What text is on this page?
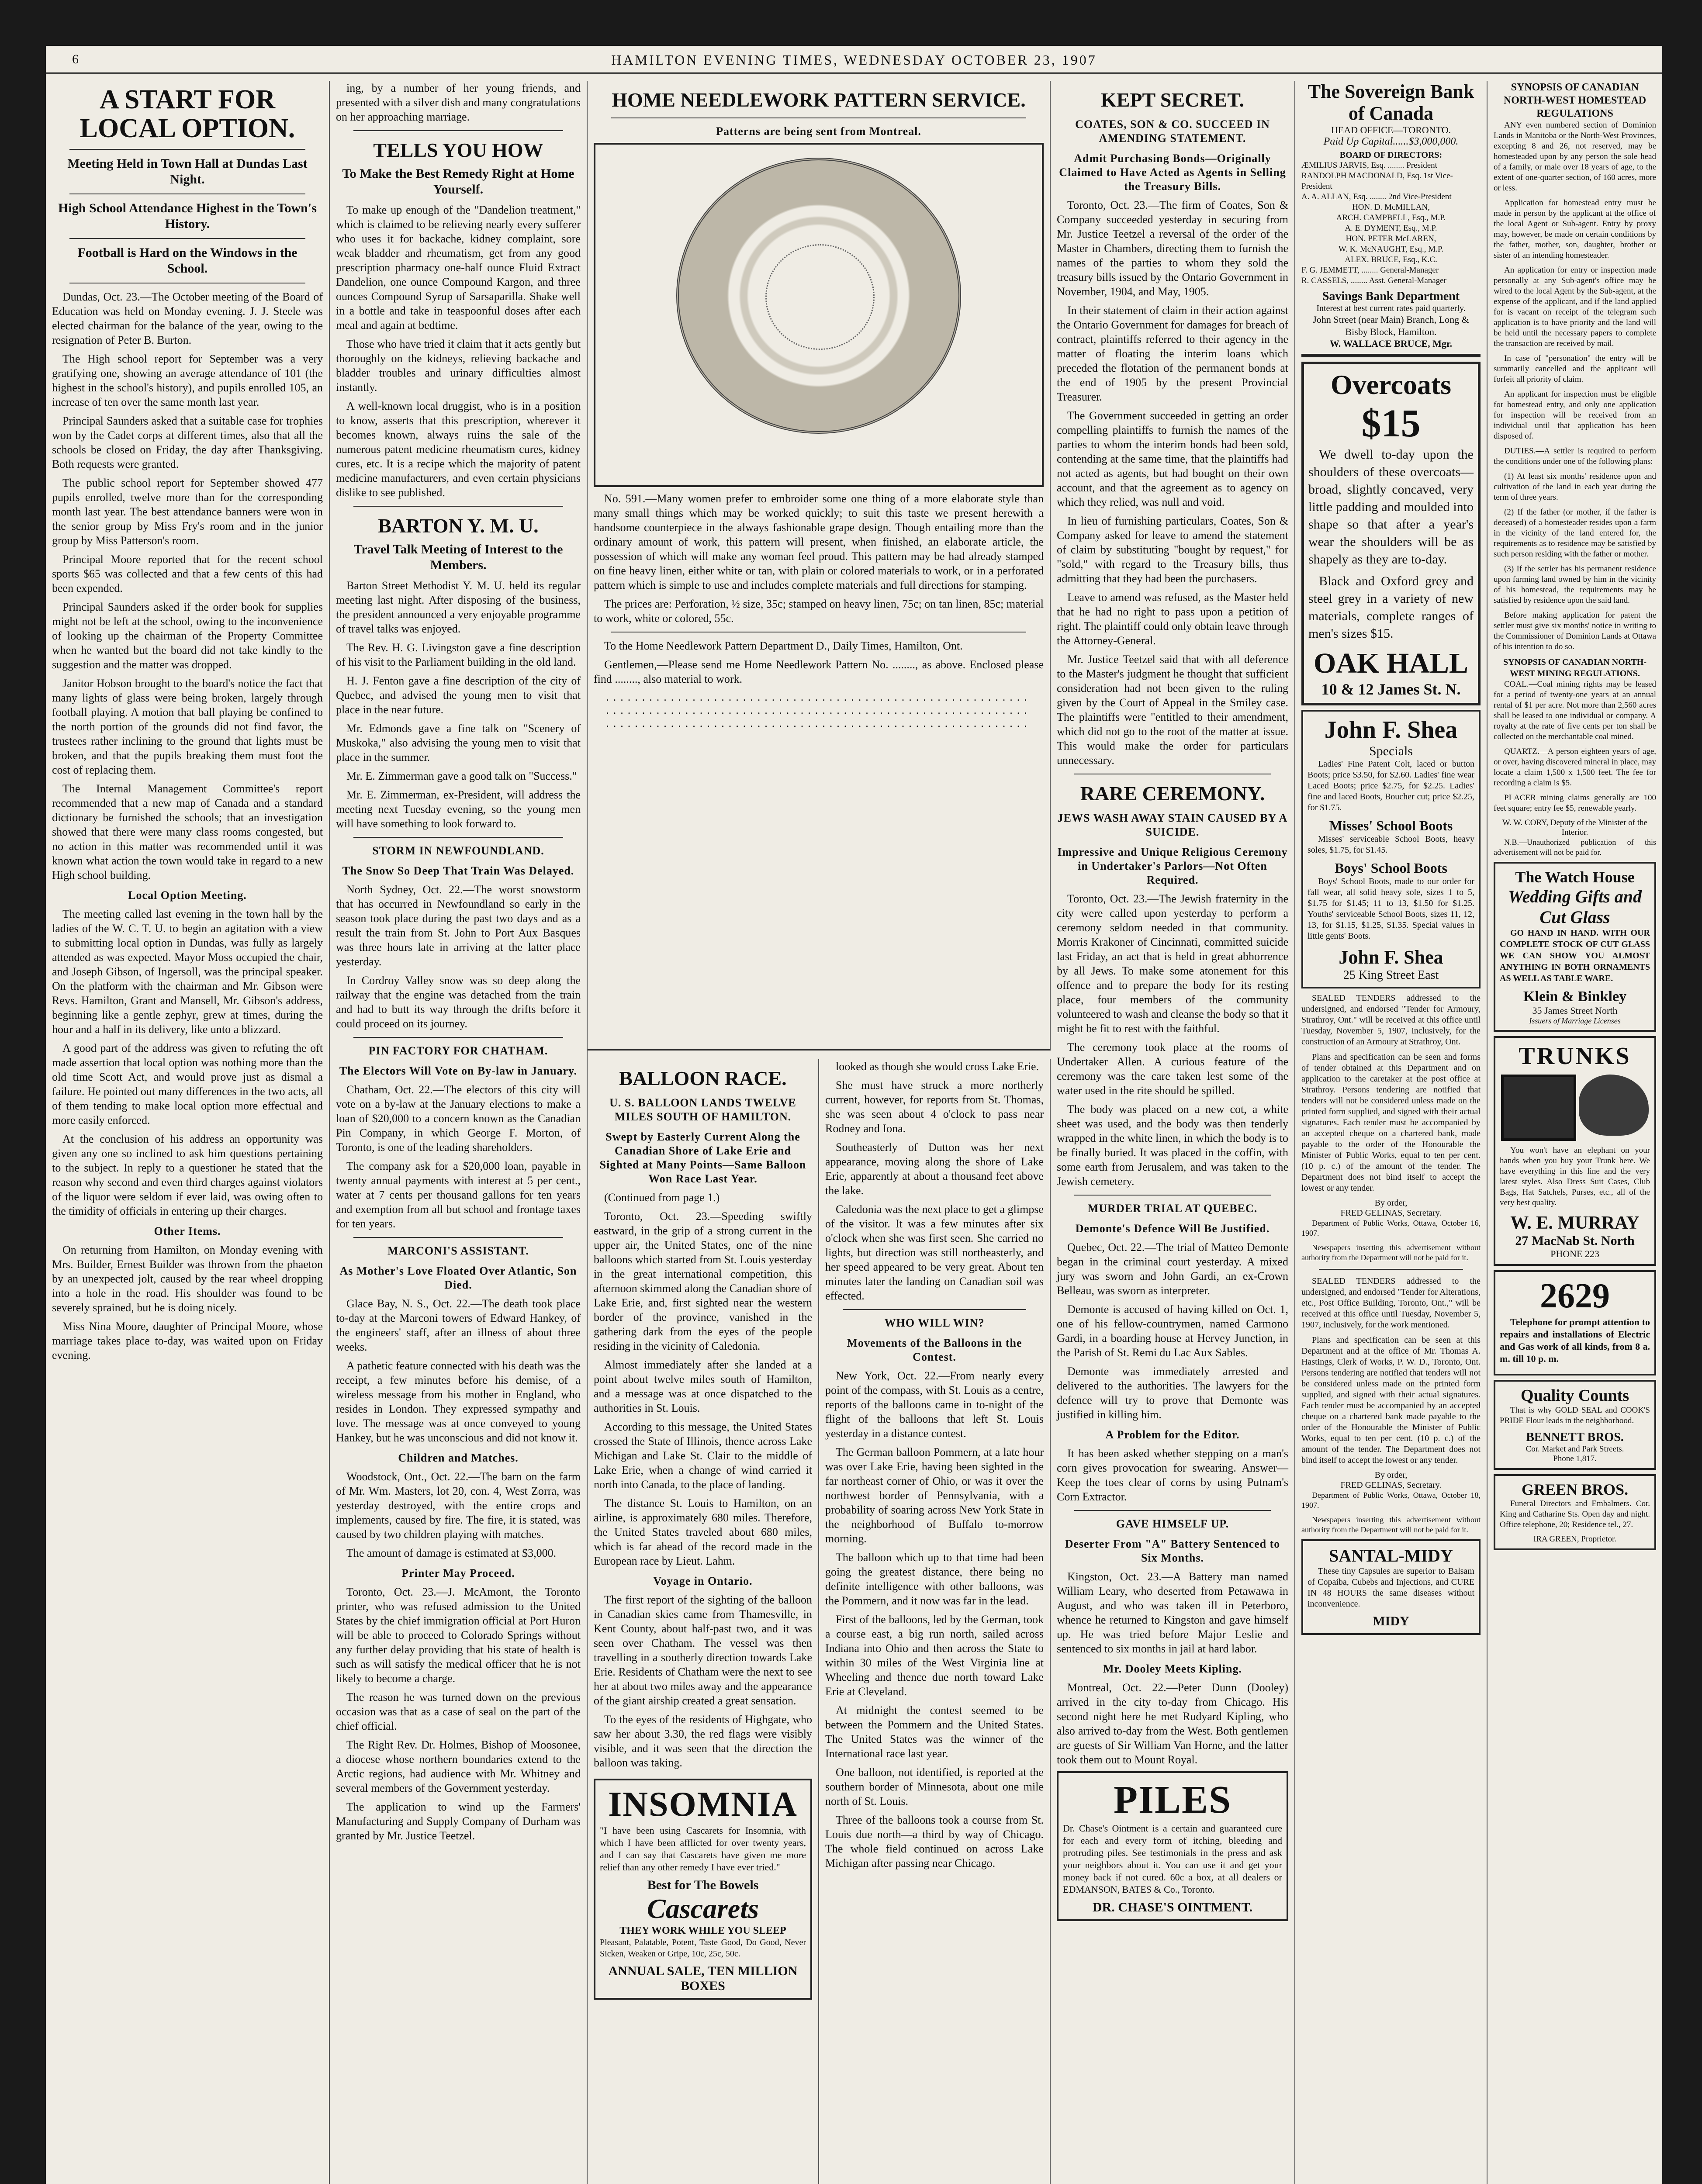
6	HAMILTON EVENING TIMES, WEDNESDAY OCTOBER 23, 1907
A START FOR LOCAL OPTION.
Meeting Held in Town Hall at Dundas Last Night.
High School Attendance Highest in the Town's History.
Football is Hard on the Windows in the School.

Dundas, Oct. 23.—The October meeting of the Board of Education was held on Monday evening. J. J. Steele was elected chairman for the balance of the year, owing to the resignation of Peter B. Burton.

The High school report for September was a very gratifying one, showing an average attendance of 101 (the highest in the school's history), and pupils enrolled 105, an increase of ten over the same month last year.

Principal Saunders asked that a suitable case for trophies won by the Cadet corps at different times, also that all the schools be closed on Friday, the day after Thanksgiving. Both requests were granted.

The public school report for September showed 477 pupils enrolled, twelve more than for the corresponding month last year. The best attendance banners were won in the senior group by Miss Fry's room and in the junior group by Miss Patterson's room.

Principal Moore reported that for the recent school sports $65 was collected and that a few cents of this had been expended.

Principal Saunders asked if the order book for supplies might not be left at the school, owing to the inconvenience of looking up the chairman of the Property Committee when he wanted but the board did not take kindly to the suggestion and the matter was dropped.

Janitor Hobson brought to the board's notice the fact that many lights of glass were being broken, largely through football playing. A motion that ball playing be confined to the north portion of the grounds did not find favor, the trustees rather inclining to the ground that lights must be broken, and that the pupils breaking them must foot the cost of replacing them.

The Internal Management Committee's report recommended that a new map of Canada and a standard dictionary be furnished the schools; that an investigation showed that there were many class rooms congested, but no action in this matter was recommended until it was known what action the town would take in regard to a new High school building.

Local Option Meeting.

The meeting called last evening in the town hall by the ladies of the W. C. T. U. to begin an agitation with a view to submitting local option in Dundas, was fully as largely attended as was expected. Mayor Moss occupied the chair, and Joseph Gibson, of Ingersoll, was the principal speaker. On the platform with the chairman and Mr. Gibson were Revs. Hamilton, Grant and Mansell, Mr. Gibson's address, beginning like a gentle zephyr, grew at times, during the hour and a half in its delivery, like unto a blizzard.

A good part of the address was given to refuting the oft made assertion that local option was nothing more than the old time Scott Act, and would prove just as dismal a failure. He pointed out many differences in the two acts, all of them tending to make local option more effectual and more easily enforced.

At the conclusion of his address an opportunity was given any one so inclined to ask him questions pertaining to the subject. In reply to a questioner he stated that the reason why second and even third charges against violators of the liquor were seldom if ever laid, was owing often to the timidity of officials in entering up their charges.

Other Items.

On returning from Hamilton, on Monday evening with Mrs. Builder, Ernest Builder was thrown from the phaeton by an unexpected jolt, caused by the rear wheel dropping into a hole in the road. His shoulder was found to be severely sprained, but he is doing nicely.

Miss Nina Moore, daughter of Principal Moore, whose marriage takes place to-day, was waited upon on Friday evening.

ing, by a number of her young friends, and presented with a silver dish and many congratulations on her approaching marriage.

TELLS YOU HOW
To Make the Best Remedy Right at Home Yourself.

To make up enough of the "Dandelion treatment," which is claimed to be relieving nearly every sufferer who uses it for backache, kidney complaint, sore weak bladder and rheumatism, get from any good prescription pharmacy one-half ounce Fluid Extract Dandelion, one ounce Compound Kargon, and three ounces Compound Syrup of Sarsaparilla. Shake well in a bottle and take in teaspoonful doses after each meal and again at bedtime.

Those who have tried it claim that it acts gently but thoroughly on the kidneys, relieving backache and bladder troubles and urinary difficulties almost instantly.

A well-known local druggist, who is in a position to know, asserts that this prescription, wherever it becomes known, always ruins the sale of the numerous patent medicine rheumatism cures, kidney cures, etc. It is a recipe which the majority of patent medicine manufacturers, and even certain physicians dislike to see published.

BARTON Y. M. U.
Travel Talk Meeting of Interest to the Members.

Barton Street Methodist Y. M. U. held its regular meeting last night. After disposing of the business, the president announced a very enjoyable programme of travel talks was enjoyed.

The Rev. H. G. Livingston gave a fine description of his visit to the Parliament building in the old land.

H. J. Fenton gave a fine description of the city of Quebec, and advised the young men to visit that place in the near future.

Mr. Edmonds gave a fine talk on "Scenery of Muskoka," also advising the young men to visit that place in the summer.

Mr. E. Zimmerman gave a good talk on "Success."

Mr. E. Zimmerman, ex-President, will address the meeting next Tuesday evening, so the young men will have something to look forward to.

STORM IN NEWFOUNDLAND.
The Snow So Deep That Train Was Delayed.

North Sydney, Oct. 22.—The worst snowstorm that has occurred in Newfoundland so early in the season took place during the past two days and as a result the train from St. John to Port Aux Basques was three hours late in arriving at the latter place yesterday.

In Cordroy Valley snow was so deep along the railway that the engine was detached from the train and had to butt its way through the drifts before it could proceed on its journey.

PIN FACTORY FOR CHATHAM.
The Electors Will Vote on By-law in January.

Chatham, Oct. 22.—The electors of this city will vote on a by-law at the January elections to make a loan of $20,000 to a concern known as the Canadian Pin Company, in which George F. Morton, of Toronto, is one of the leading shareholders.

The company ask for a $20,000 loan, payable in twenty annual payments with interest at 5 per cent., water at 7 cents per thousand gallons for ten years and exemption from all but school and frontage taxes for ten years.

MARCONI'S ASSISTANT.
As Mother's Love Floated Over Atlantic, Son Died.

Glace Bay, N. S., Oct. 22.—The death took place to-day at the Marconi towers of Edward Hankey, of the engineers' staff, after an illness of about three weeks.

A pathetic feature connected with his death was the receipt, a few minutes before his demise, of a wireless message from his mother in England, who resides in London. They expressed sympathy and love. The message was at once conveyed to young Hankey, but he was unconscious and did not know it.

Children and Matches.

Woodstock, Ont., Oct. 22.—The barn on the farm of Mr. Wm. Masters, lot 20, con. 4, West Zorra, was yesterday destroyed, with the entire crops and implements, caused by fire. The fire, it is stated, was caused by two children playing with matches.

The amount of damage is estimated at $3,000.

Printer May Proceed.

Toronto, Oct. 23.—J. McAmont, the Toronto printer, who was refused admission to the United States by the chief immigration official at Port Huron will be able to proceed to Colorado Springs without any further delay providing that his state of health is such as will satisfy the medical officer that he is not likely to become a charge.

The reason he was turned down on the previous occasion was that as a case of seal on the part of the chief official.

The Right Rev. Dr. Holmes, Bishop of Moosonee, a diocese whose northern boundaries extend to the Arctic regions, had audience with Mr. Whitney and several members of the Government yesterday.

The application to wind up the Farmers' Manufacturing and Supply Company of Durham was granted by Mr. Justice Teetzel.

HOME NEEDLEWORK PATTERN SERVICE.
Patterns are being sent from Montreal.

No. 591.—Many women prefer to embroider some one thing of a more elaborate style than many small things which may be worked quickly; to suit this taste we present herewith a handsome counterpiece in the always fashionable grape design. Though entailing more than the ordinary amount of work, this pattern will present, when finished, an elaborate article, the possession of which will make any woman feel proud. This pattern may be had already stamped on fine heavy linen, either white or tan, with plain or colored materials to work, or in a perforated pattern which is simple to use and includes complete materials and full directions for stamping.

The prices are: Perforation, ½ size, 35c; stamped on heavy linen, 75c; on tan linen, 85c; material to work, white or colored, 55c.

To the Home Needlework Pattern Department D., Daily Times, Hamilton, Ont.

Gentlemen,—Please send me Home Needlework Pattern No. ........, as above. Enclosed please find ........, also material to work.

...........................................................
...........................................................
...........................................................
BALLOON RACE.
U. S. BALLOON LANDS TWELVE MILES SOUTH OF HAMILTON.
Swept by Easterly Current Along the Canadian Shore of Lake Erie and Sighted at Many Points—Same Balloon Won Race Last Year.

(Continued from page 1.)

Toronto, Oct. 23.—Speeding swiftly eastward, in the grip of a strong current in the upper air, the United States, one of the nine balloons which started from St. Louis yesterday in the great international competition, this afternoon skimmed along the Canadian shore of Lake Erie, and, first sighted near the western border of the province, vanished in the gathering dark from the eyes of the people residing in the vicinity of Caledonia.

Almost immediately after she landed at a point about twelve miles south of Hamilton, and a message was at once dispatched to the authorities in St. Louis.

According to this message, the United States crossed the State of Illinois, thence across Lake Michigan and Lake St. Clair to the middle of Lake Erie, when a change of wind carried it north into Canada, to the place of landing.

The distance St. Louis to Hamilton, on an airline, is approximately 680 miles. Therefore, the United States traveled about 680 miles, which is far ahead of the record made in the European race by Lieut. Lahm.

Voyage in Ontario.

The first report of the sighting of the balloon in Canadian skies came from Thamesville, in Kent County, about half-past two, and it was seen over Chatham. The vessel was then travelling in a southerly direction towards Lake Erie. Residents of Chatham were the next to see her at about two miles away and the appearance of the giant airship created a great sensation.

To the eyes of the residents of Highgate, who saw her about 3.30, the red flags were visibly visible, and it was seen that the direction the balloon was taking.

INSOMNIA

"I have been using Cascarets for Insomnia, with which I have been afflicted for over twenty years, and I can say that Cascarets have given me more relief than any other remedy I have ever tried."

Best for The Bowels
Cascarets
THEY WORK WHILE YOU SLEEP

Pleasant, Palatable, Potent, Taste Good, Do Good, Never Sicken, Weaken or Gripe, 10c, 25c, 50c.

ANNUAL SALE, TEN MILLION BOXES

looked as though she would cross Lake Erie.

She must have struck a more northerly current, however, for reports from St. Thomas, she was seen about 4 o'clock to pass near Rodney and Iona.

Southeasterly of Dutton was her next appearance, moving along the shore of Lake Erie, apparently at about a thousand feet above the lake.

Caledonia was the next place to get a glimpse of the visitor. It was a few minutes after six o'clock when she was first seen. She carried no lights, but direction was still northeasterly, and her speed appeared to be very great. About ten minutes later the landing on Canadian soil was effected.

WHO WILL WIN?
Movements of the Balloons in the Contest.

New York, Oct. 22.—From nearly every point of the compass, with St. Louis as a centre, reports of the balloons came in to-night of the flight of the balloons that left St. Louis yesterday in a distance contest.

The German balloon Pommern, at a late hour was over Lake Erie, having been sighted in the far northeast corner of Ohio, or was it over the northwest border of Pennsylvania, with a probability of soaring across New York State in the neighborhood of Buffalo to-morrow morning.

The balloon which up to that time had been going the greatest distance, there being no definite intelligence with other balloons, was the Pommern, and it now was far in the lead.

First of the balloons, led by the German, took a course east, a big run north, sailed across Indiana into Ohio and then across the State to within 30 miles of the West Virginia line at Wheeling and thence due north toward Lake Erie at Cleveland.

At midnight the contest seemed to be between the Pommern and the United States. The United States was the winner of the International race last year.

One balloon, not identified, is reported at the southern border of Minnesota, about one mile north of St. Louis.

Three of the balloons took a course from St. Louis due north—a third by way of Chicago. The whole field continued on across Lake Michigan after passing near Chicago.

KEPT SECRET.
COATES, SON & CO. SUCCEED IN AMENDING STATEMENT.
Admit Purchasing Bonds—Originally Claimed to Have Acted as Agents in Selling the Treasury Bills.

Toronto, Oct. 23.—The firm of Coates, Son & Company succeeded yesterday in securing from Mr. Justice Teetzel a reversal of the order of the Master in Chambers, directing them to furnish the names of the parties to whom they sold the treasury bills issued by the Ontario Government in November, 1904, and May, 1905.

In their statement of claim in their action against the Ontario Government for damages for breach of contract, plaintiffs referred to their agency in the matter of floating the interim loans which preceded the flotation of the permanent bonds at the end of 1905 by the present Provincial Treasurer.

The Government succeeded in getting an order compelling plaintiffs to furnish the names of the parties to whom the interim bonds had been sold, contending at the same time, that the plaintiffs had not acted as agents, but had bought on their own account, and that the agreement as to agency on which they relied, was null and void.

In lieu of furnishing particulars, Coates, Son & Company asked for leave to amend the statement of claim by substituting "bought by request," for "sold," with regard to the Treasury bills, thus admitting that they had been the purchasers.

Leave to amend was refused, as the Master held that he had no right to pass upon a petition of right. The plaintiff could only obtain leave through the Attorney-General.

Mr. Justice Teetzel said that with all deference to the Master's judgment he thought that sufficient consideration had not been given to the ruling given by the Court of Appeal in the Smiley case. The plaintiffs were "entitled to their amendment, which did not go to the root of the matter at issue. This would make the order for particulars unnecessary.

RARE CEREMONY.
JEWS WASH AWAY STAIN CAUSED BY A SUICIDE.
Impressive and Unique Religious Ceremony in Undertaker's Parlors—Not Often Required.

Toronto, Oct. 23.—The Jewish fraternity in the city were called upon yesterday to perform a ceremony seldom needed in that community. Morris Krakoner of Cincinnati, committed suicide last Friday, an act that is held in great abhorrence by all Jews. To make some atonement for this offence and to prepare the body for its resting place, four members of the community volunteered to wash and cleanse the body so that it might be fit to rest with the faithful.

The ceremony took place at the rooms of Undertaker Allen. A curious feature of the ceremony was the care taken lest some of the water used in the rite should be spilled.

The body was placed on a new cot, a white sheet was used, and the body was then tenderly wrapped in the white linen, in which the body is to be finally buried. It was placed in the coffin, with some earth from Jerusalem, and was taken to the Jewish cemetery.

MURDER TRIAL AT QUEBEC.
Demonte's Defence Will Be Justified.

Quebec, Oct. 22.—The trial of Matteo Demonte began in the criminal court yesterday. A mixed jury was sworn and John Gardi, an ex-Crown Belleau, was sworn as interpreter.

Demonte is accused of having killed on Oct. 1, one of his fellow-countrymen, named Carmono Gardi, in a boarding house at Hervey Junction, in the Parish of St. Remi du Lac Aux Sables.

Demonte was immediately arrested and delivered to the authorities. The lawyers for the defence will try to prove that Demonte was justified in killing him.

A Problem for the Editor.

It has been asked whether stepping on a man's corn gives provocation for swearing. Answer—Keep the toes clear of corns by using Putnam's Corn Extractor.

GAVE HIMSELF UP.
Deserter From "A" Battery Sentenced to Six Months.

Kingston, Oct. 23.—A Battery man named William Leary, who deserted from Petawawa in August, and who was taken ill in Peterboro, whence he returned to Kingston and gave himself up. He was tried before Major Leslie and sentenced to six months in jail at hard labor.

Mr. Dooley Meets Kipling.

Montreal, Oct. 22.—Peter Dunn (Dooley) arrived in the city to-day from Chicago. His second night here he met Rudyard Kipling, who also arrived to-day from the West. Both gentlemen are guests of Sir William Van Horne, and the latter took them out to Mount Royal.

PILES

Dr. Chase's Ointment is a certain and guaranteed cure for each and every form of itching, bleeding and protruding piles. See testimonials in the press and ask your neighbors about it. You can use it and get your money back if not cured. 60c a box, at all dealers or EDMANSON, BATES & Co., Toronto.

DR. CHASE'S OINTMENT.
The Sovereign Bank of Canada
HEAD OFFICE—TORONTO.
Paid Up Capital......$3,000,000.
BOARD OF DIRECTORS:
ÆMILIUS JARVIS, Esq. ........ President
RANDOLPH MACDONALD, Esq. 1st Vice-President
A. A. ALLAN, Esq. ........ 2nd Vice-President
HON. D. McMILLAN,
ARCH. CAMPBELL, Esq., M.P.
A. E. DYMENT, Esq., M.P.
HON. PETER McLAREN,
W. K. McNAUGHT, Esq., M.P.
ALEX. BRUCE, Esq., K.C.
F. G. JEMMETT, ........ General-Manager
R. CASSELS, ........ Asst. General-Manager
Savings Bank Department
Interest at best current rates paid quarterly.
John Street (near Main) Branch, Long & Bisby Block, Hamilton.
W. WALLACE BRUCE, Mgr.
Overcoats
$15

We dwell to-day upon the shoulders of these overcoats—broad, slightly concaved, very little padding and moulded into shape so that after a year's wear the shoulders will be as shapely as they are to-day.

Black and Oxford grey and steel grey in a variety of new materials, complete ranges of men's sizes $15.

OAK HALL
10 & 12 James St. N.
John F. Shea
Specials

Ladies' Fine Patent Colt, laced or button Boots; price $3.50, for $2.60. Ladies' fine wear Laced Boots; price $2.75, for $2.25. Ladies' fine and laced Boots, Boucher cut; price $2.25, for $1.75.

Misses' School Boots

Misses' serviceable School Boots, heavy soles, $1.75, for $1.45.

Boys' School Boots

Boys' School Boots, made to our order for fall wear, all solid heavy sole, sizes 1 to 5, $1.75 for $1.45; 11 to 13, $1.50 for $1.25. Youths' serviceable School Boots, sizes 11, 12, 13, for $1.15, $1.25, $1.35. Special values in little gents' Boots.

John F. Shea
25 King Street East

SEALED TENDERS addressed to the undersigned, and endorsed "Tender for Armoury, Strathroy, Ont." will be received at this office until Tuesday, November 5, 1907, inclusively, for the construction of an Armoury at Strathroy, Ont.

Plans and specification can be seen and forms of tender obtained at this Department and on application to the caretaker at the post office at Strathroy. Persons tendering are notified that tenders will not be considered unless made on the printed form supplied, and signed with their actual signatures. Each tender must be accompanied by an accepted cheque on a chartered bank, made payable to the order of the Honourable the Minister of Public Works, equal to ten per cent. (10 p. c.) of the amount of the tender. The Department does not bind itself to accept the lowest or any tender.

By order,
FRED GELINAS, Secretary.

Department of Public Works, Ottawa, October 16, 1907.

Newspapers inserting this advertisement without authority from the Department will not be paid for it.

SEALED TENDERS addressed to the undersigned, and endorsed "Tender for Alterations, etc., Post Office Building, Toronto, Ont.," will be received at this office until Tuesday, November 5, 1907, inclusively, for the work mentioned.

Plans and specification can be seen at this Department and at the office of Mr. Thomas A. Hastings, Clerk of Works, P. W. D., Toronto, Ont. Persons tendering are notified that tenders will not be considered unless made on the printed form supplied, and signed with their actual signatures. Each tender must be accompanied by an accepted cheque on a chartered bank made payable to the order of the Honourable the Minister of Public Works, equal to ten per cent. (10 p. c.) of the amount of the tender. The Department does not bind itself to accept the lowest or any tender.

By order,
FRED GELINAS, Secretary.

Department of Public Works, Ottawa, October 18, 1907.

Newspapers inserting this advertisement without authority from the Department will not be paid for it.

SANTAL-MIDY

These tiny Capsules are superior to Balsam of Copaiba, Cubebs and Injections, and CURE IN 48 HOURS the same diseases without inconvenience.

MIDY
SYNOPSIS OF CANADIAN NORTH-WEST HOMESTEAD REGULATIONS

ANY even numbered section of Dominion Lands in Manitoba or the North-West Provinces, excepting 8 and 26, not reserved, may be homesteaded upon by any person the sole head of a family, or male over 18 years of age, to the extent of one-quarter section, of 160 acres, more or less.

Application for homestead entry must be made in person by the applicant at the office of the local Agent or Sub-agent. Entry by proxy may, however, be made on certain conditions by the father, mother, son, daughter, brother or sister of an intending homesteader.

An application for entry or inspection made personally at any Sub-agent's office may be wired to the local Agent by the Sub-agent, at the expense of the applicant, and if the land applied for is vacant on receipt of the telegram such application is to have priority and the land will be held until the necessary papers to complete the transaction are received by mail.

In case of "personation" the entry will be summarily cancelled and the applicant will forfeit all priority of claim.

An applicant for inspection must be eligible for homestead entry, and only one application for inspection will be received from an individual until that application has been disposed of.

DUTIES.—A settler is required to perform the conditions under one of the following plans:

(1) At least six months' residence upon and cultivation of the land in each year during the term of three years.

(2) If the father (or mother, if the father is deceased) of a homesteader resides upon a farm in the vicinity of the land entered for, the requirements as to residence may be satisfied by such person residing with the father or mother.

(3) If the settler has his permanent residence upon farming land owned by him in the vicinity of his homestead, the requirements may be satisfied by residence upon the said land.

Before making application for patent the settler must give six months' notice in writing to the Commissioner of Dominion Lands at Ottawa of his intention to do so.

SYNOPSIS OF CANADIAN NORTH-WEST MINING REGULATIONS.

COAL.—Coal mining rights may be leased for a period of twenty-one years at an annual rental of $1 per acre. Not more than 2,560 acres shall be leased to one individual or company. A royalty at the rate of five cents per ton shall be collected on the merchantable coal mined.

QUARTZ.—A person eighteen years of age, or over, having discovered mineral in place, may locate a claim 1,500 x 1,500 feet. The fee for recording a claim is $5.

PLACER mining claims generally are 100 feet square; entry fee $5, renewable yearly.

W. W. CORY, Deputy of the Minister of the Interior.

N.B.—Unauthorized publication of this advertisement will not be paid for.

The Watch House
Wedding Gifts and Cut Glass

GO HAND IN HAND. WITH OUR COMPLETE STOCK OF CUT GLASS WE CAN SHOW YOU ALMOST ANYTHING IN BOTH ORNAMENTS AS WELL AS TABLE WARE.

Klein & Binkley
35 James Street North
Issuers of Marriage Licenses
TRUNKS

You won't have an elephant on your hands when you buy your Trunk here. We have everything in this line and the very latest styles. Also Dress Suit Cases, Club Bags, Hat Satchels, Purses, etc., all of the very best quality.

W. E. MURRAY
27 MacNab St. North
PHONE 223
2629

Telephone for prompt attention to repairs and installations of Electric and Gas work of all kinds, from 8 a. m. till 10 p. m.

Quality Counts

That is why GOLD SEAL and COOK'S PRIDE Flour leads in the neighborhood.

BENNETT BROS.
Cor. Market and Park Streets.
Phone 1,817.
GREEN BROS.

Funeral Directors and Embalmers. Cor. King and Catharine Sts. Open day and night. Office telephone, 20; Residence tel., 27.

IRA GREEN, Proprietor.
